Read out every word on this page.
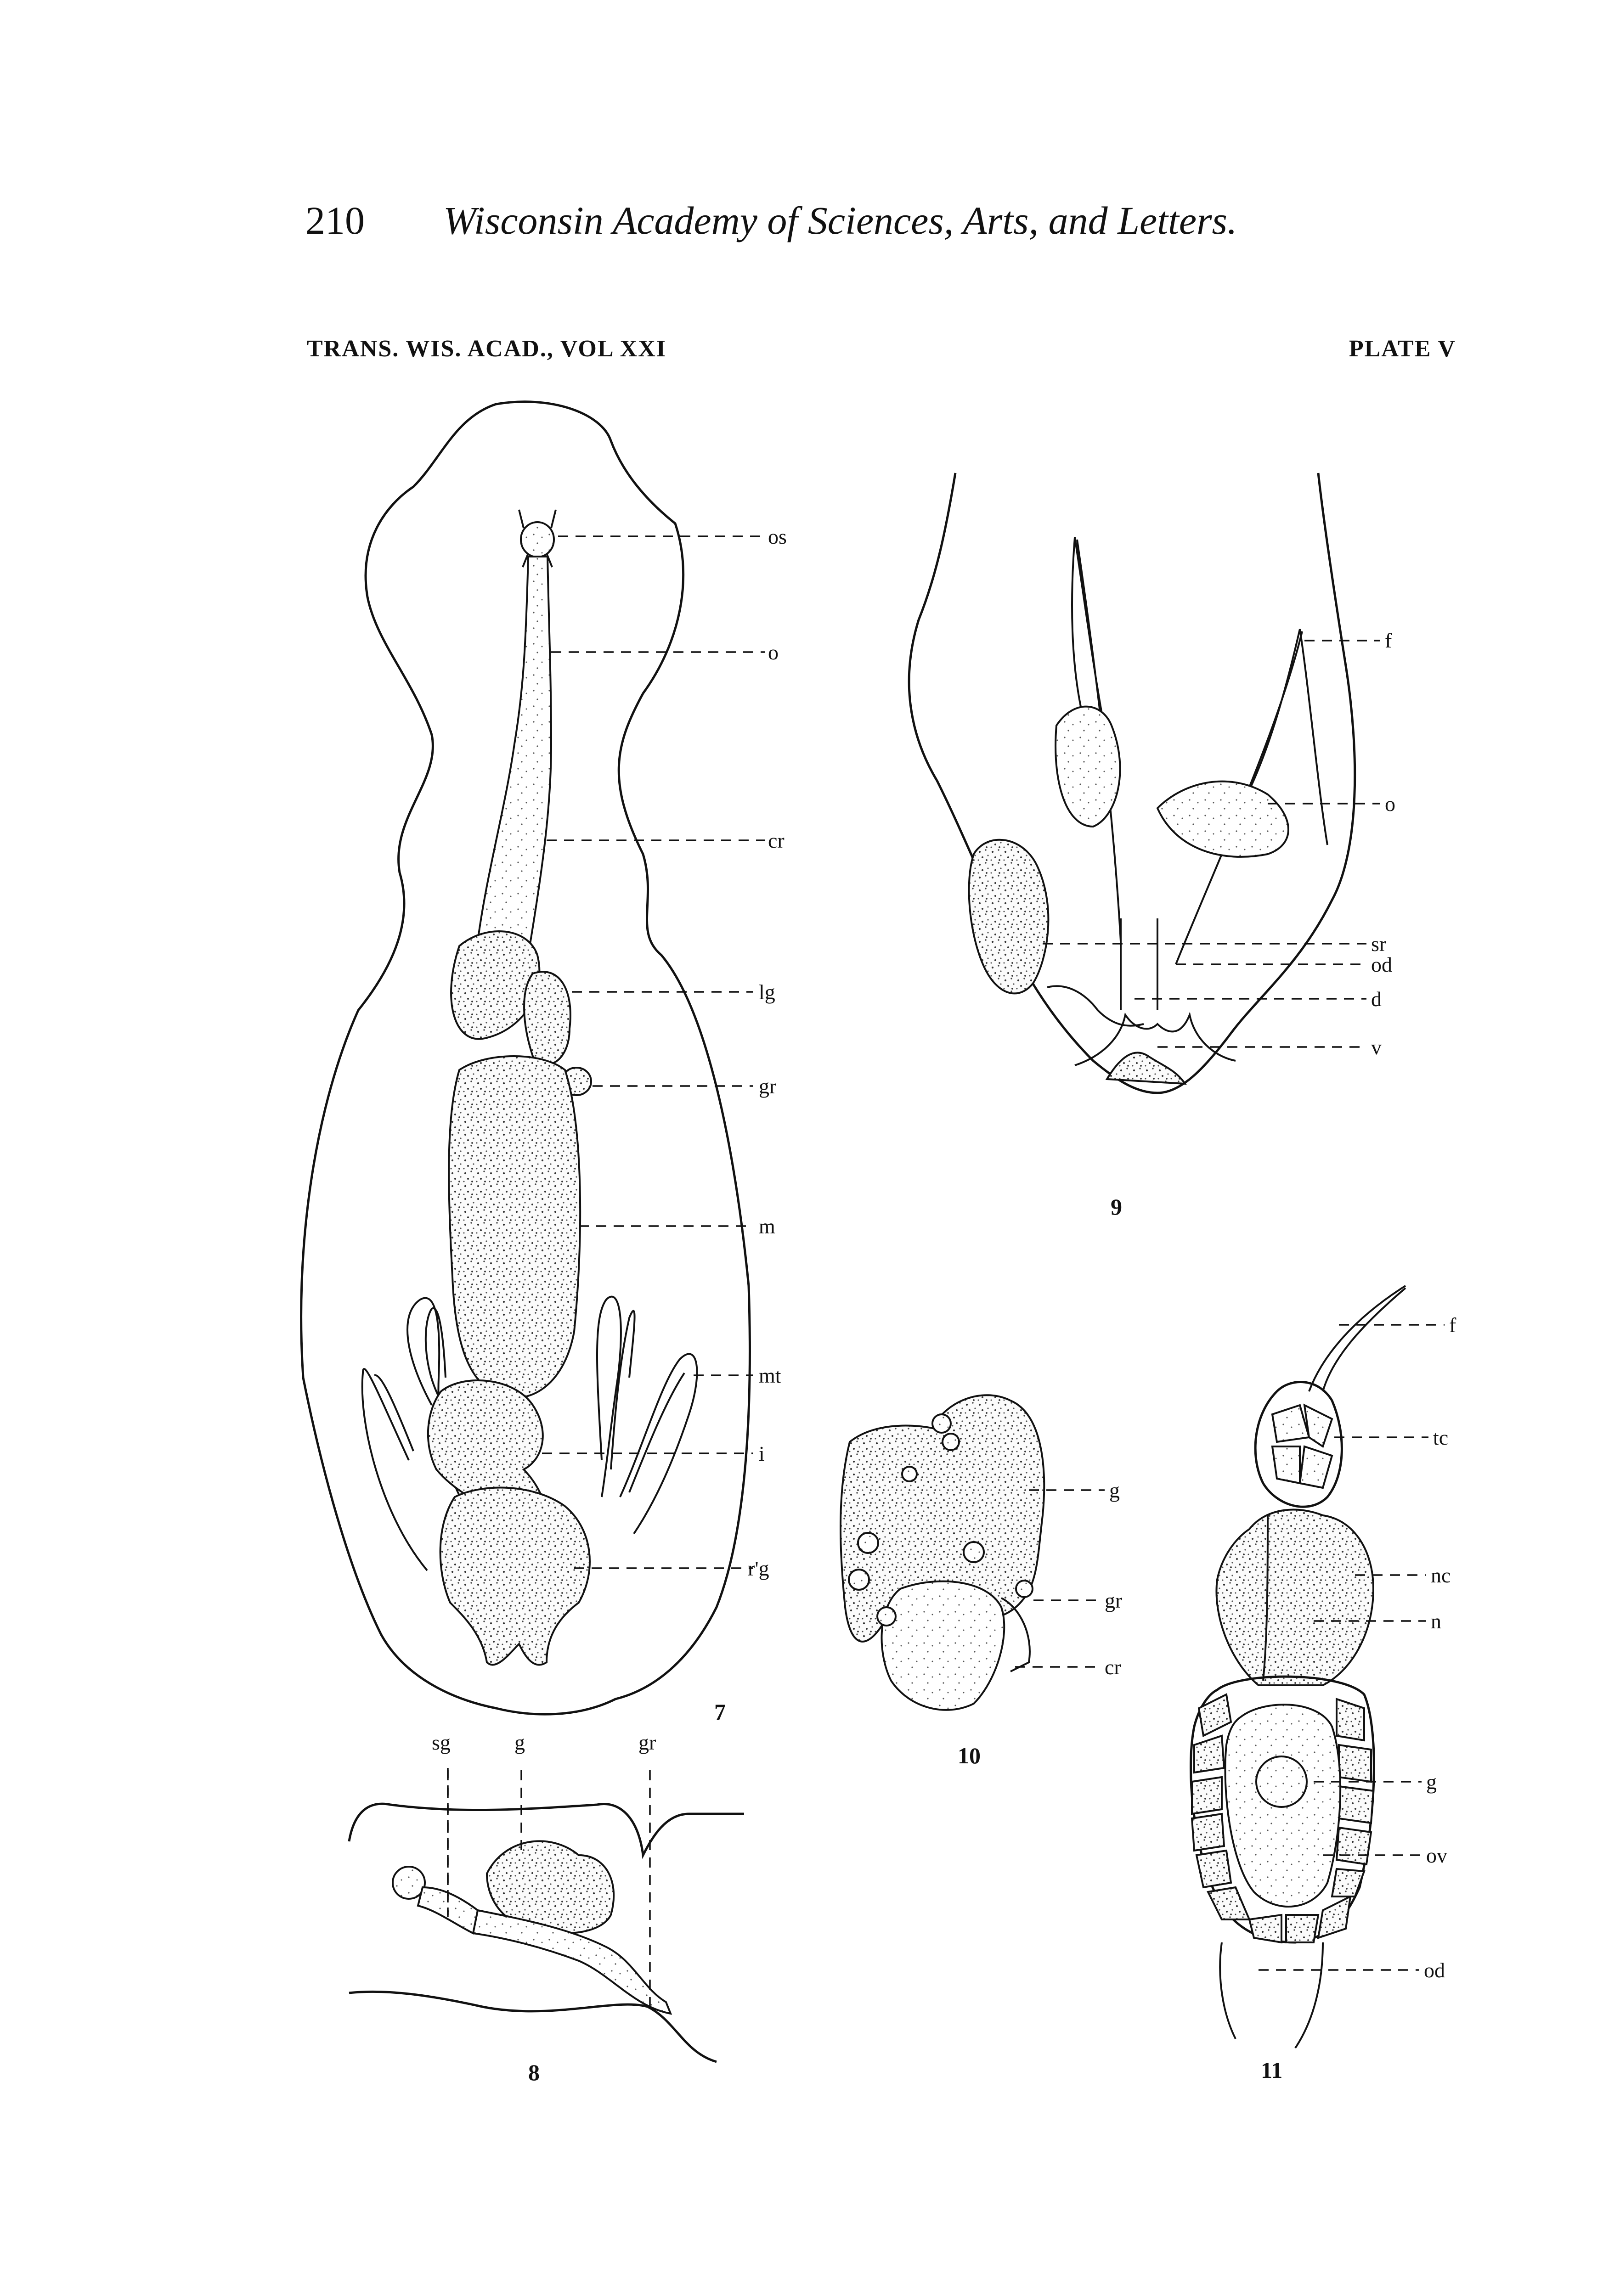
210 Wisconsin Academy of Sciences, Arts, and Letters.
TRANS. WIS. ACAD., VOL XXI	PLATE V
os
o
cr
lg
gr
m
mt
i
r'g
7
sg	g	gr
8
f
o
sr
od
d
v
9
g
gr
cr
10
f
tc
nc
n
g
ov
od
11
